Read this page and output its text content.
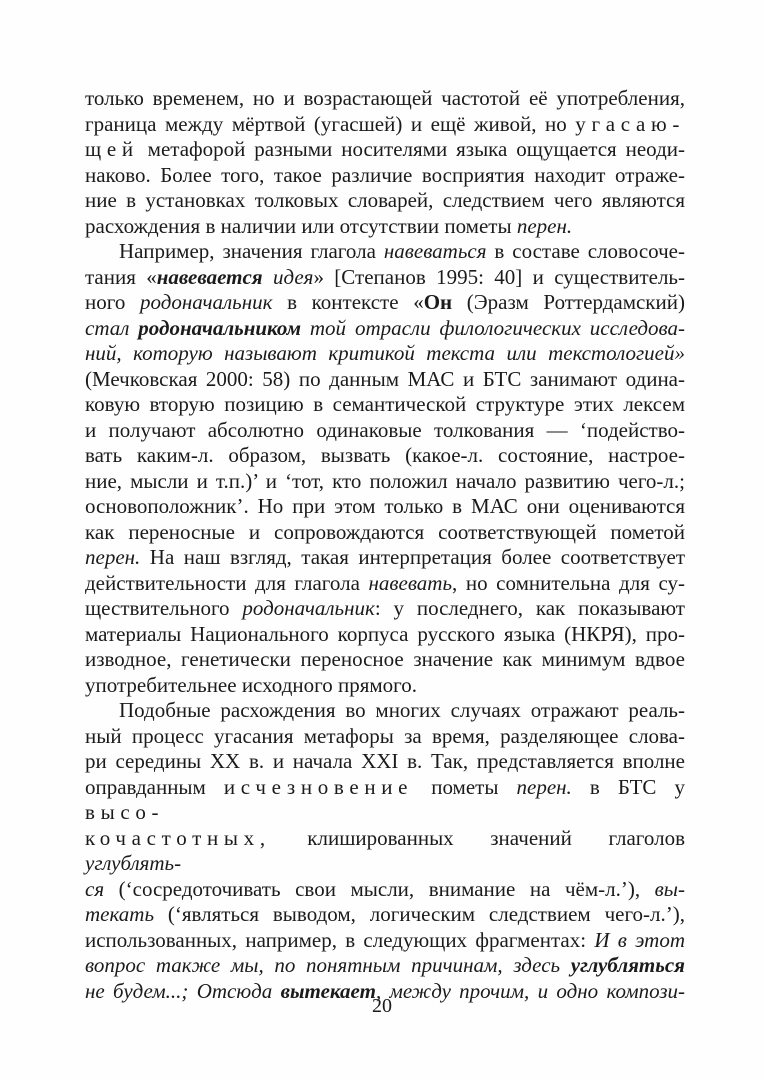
только временем, но и возрастающей частотой её употребления,
граница между мёртвой (угасшей) и ещё живой, но угасаю-
щей метафорой разными носителями языка ощущается неоди-
наково. Более того, такое различие восприятия находит отраже-
ние в установках толковых словарей, следствием чего являются
расхождения в наличии или отсутствии пометы перен.
Например, значения глагола навеваться в составе словосоче-
тания «навевается идея» [Степанов 1995: 40] и существитель-
ного родоначальник в контексте «Он (Эразм Роттердамский)
стал родоначальником той отрасли филологических исследова-
ний, которую называют критикой текста или текстологией»
(Мечковская 2000: 58) по данным МАС и БТС занимают одина-
ковую вторую позицию в семантической структуре этих лексем
и получают абсолютно одинаковые толкования — ‘подейство-
вать каким-л. образом, вызвать (какое-л. состояние, настрое-
ние, мысли и т.п.)’ и ‘тот, кто положил начало развитию чего-л.;
основоположник’. Но при этом только в МАС они оцениваются
как переносные и сопровождаются соответствующей пометой
перен. На наш взгляд, такая интерпретация более соответствует
действительности для глагола навевать, но сомнительна для су-
ществительного родоначальник: у последнего, как показывают
материалы Национального корпуса русского языка (НКРЯ), про-
изводное, генетически переносное значение как минимум вдвое
употребительнее исходного прямого.
Подобные расхождения во многих случаях отражают реаль-
ный процесс угасания метафоры за время, разделяющее слова-
ри середины XX в. и начала XXI в. Так, представляется вполне
оправданным исчезновение пометы перен. в БТС у высо-
кочастотных, клишированных значений глаголов углублять-
ся (‘сосредоточивать свои мысли, внимание на чём-л.’), вы-
текать (‘являться выводом, логическим следствием чего-л.’),
использованных, например, в следующих фрагментах: И в этот
вопрос также мы, по понятным причинам, здесь углубляться
не будем...; Отсюда вытекает, между прочим, и одно компози-
20
